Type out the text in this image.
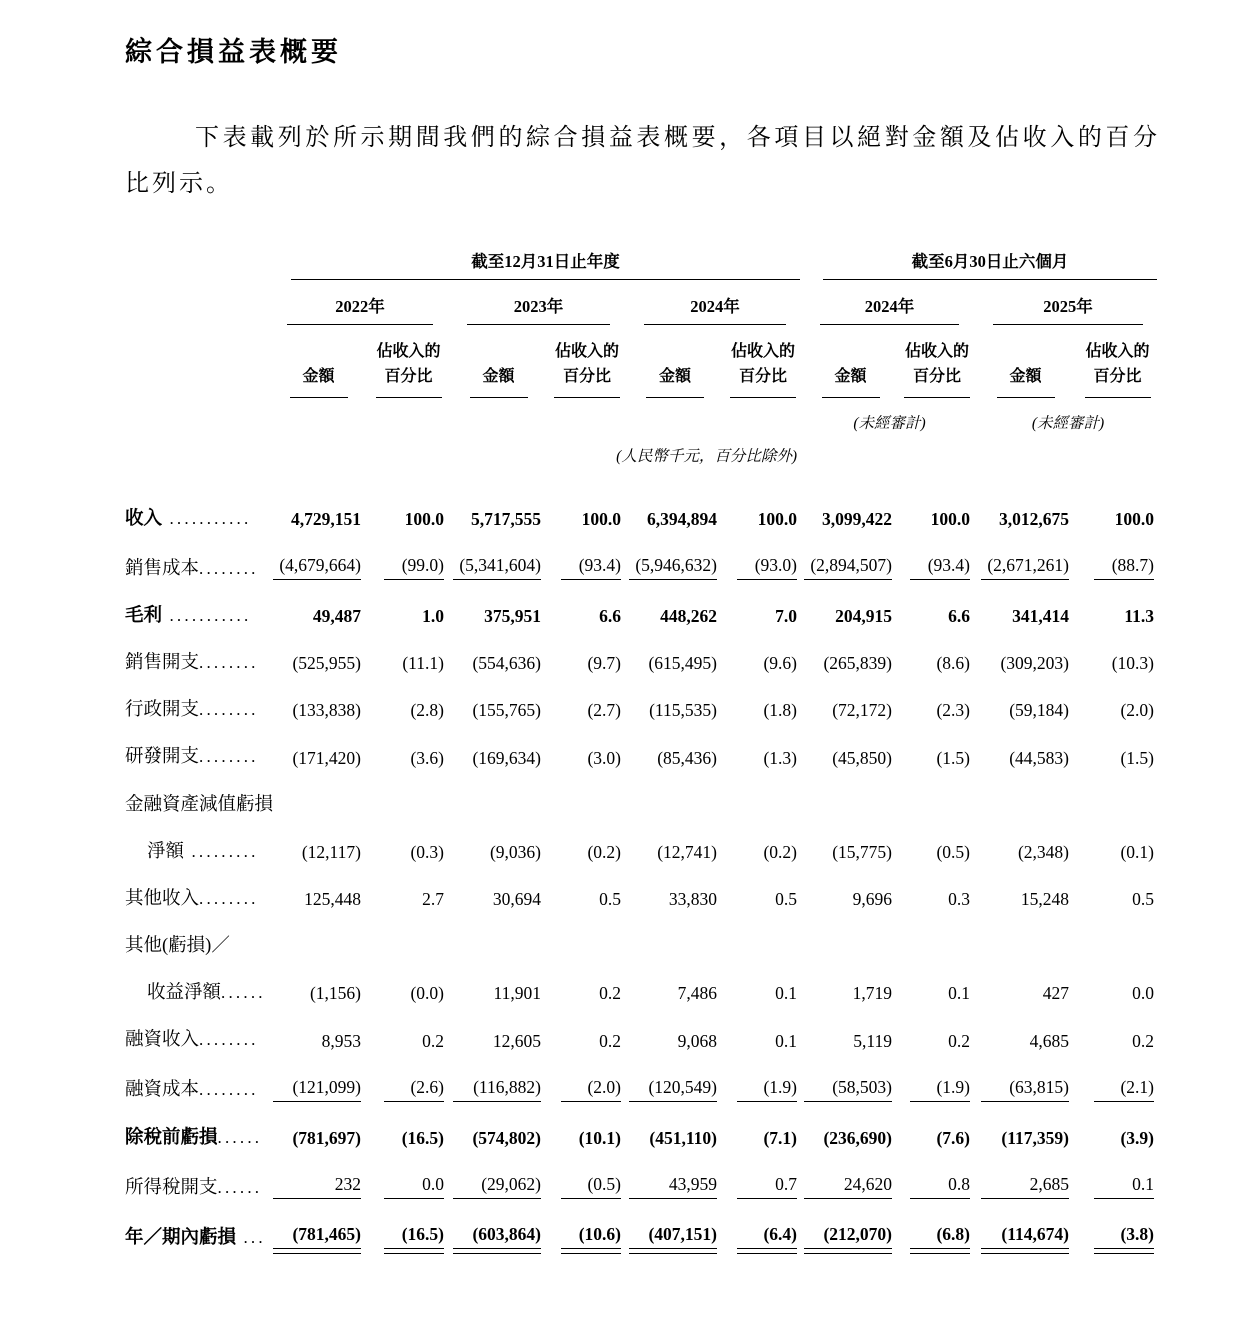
綜合損益表概要

下表載列於所示期間我們的綜合損益表概要，各項目以絕對金額及佔收入的百分比列示。

	截至12月31日止年度						截至6月30日止六個月			

	2022年		2023年		2024年		2024年		2025年	

	金額	佔收入的
百分比	金額	佔收入的
百分比	金額	佔收入的
百分比	金額	佔收入的
百分比	金額	佔收入的
百分比
							(未經審計)		(未經審計)	
(人民幣千元，百分比除外)										
收入 ...........	4,729,151	100.0	5,717,555	100.0	6,394,894	100.0	3,099,422	100.0	3,012,675	100.0
銷售成本........	(4,679,664)	(99.0)	(5,341,604)	(93.4)	(5,946,632)	(93.0)	(2,894,507)	(93.4)	(2,671,261)	(88.7)
毛利 ...........	49,487	1.0	375,951	6.6	448,262	7.0	204,915	6.6	341,414	11.3
銷售開支........	(525,955)	(11.1)	(554,636)	(9.7)	(615,495)	(9.6)	(265,839)	(8.6)	(309,203)	(10.3)
行政開支........	(133,838)	(2.8)	(155,765)	(2.7)	(115,535)	(1.8)	(72,172)	(2.3)	(59,184)	(2.0)
研發開支........	(171,420)	(3.6)	(169,634)	(3.0)	(85,436)	(1.3)	(45,850)	(1.5)	(44,583)	(1.5)
金融資產減值虧損										
淨額 .........	(12,117)	(0.3)	(9,036)	(0.2)	(12,741)	(0.2)	(15,775)	(0.5)	(2,348)	(0.1)
其他收入........	125,448	2.7	30,694	0.5	33,830	0.5	9,696	0.3	15,248	0.5
其他(虧損)／										
收益淨額......	(1,156)	(0.0)	11,901	0.2	7,486	0.1	1,719	0.1	427	0.0
融資收入........	8,953	0.2	12,605	0.2	9,068	0.1	5,119	0.2	4,685	0.2
融資成本........	(121,099)	(2.6)	(116,882)	(2.0)	(120,549)	(1.9)	(58,503)	(1.9)	(63,815)	(2.1)
除稅前虧損......	(781,697)	(16.5)	(574,802)	(10.1)	(451,110)	(7.1)	(236,690)	(7.6)	(117,359)	(3.9)
所得稅開支......	232	0.0	(29,062)	(0.5)	43,959	0.7	24,620	0.8	2,685	0.1
年／期內虧損 ...	(781,465)	(16.5)	(603,864)	(10.6)	(407,151)	(6.4)	(212,070)	(6.8)	(114,674)	(3.8)
